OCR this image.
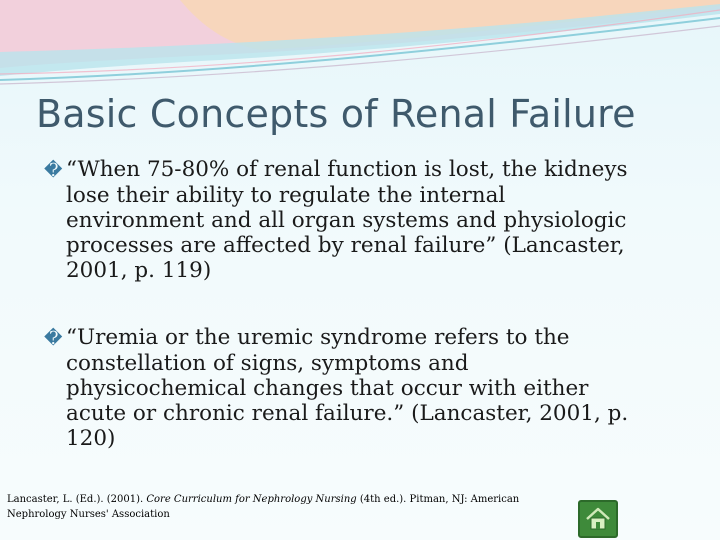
Basic Concepts of Renal Failure
� “When 75-80% of renal function is lost, the kidneys
lose their ability to regulate the internal
environment and all organ systems and physiologic
processes are affected by renal failure” (Lancaster,
2001, p. 119)
� “Uremia or the uremic syndrome refers to the
constellation of signs, symptoms and
physicochemical changes that occur with either
acute or chronic renal failure.” (Lancaster, 2001, p.
120)
Lancaster, L. (Ed.). (2001). Core Curriculum for Nephrology Nursing (4th ed.). Pitman, NJ: American
Nephrology Nurses' Association
